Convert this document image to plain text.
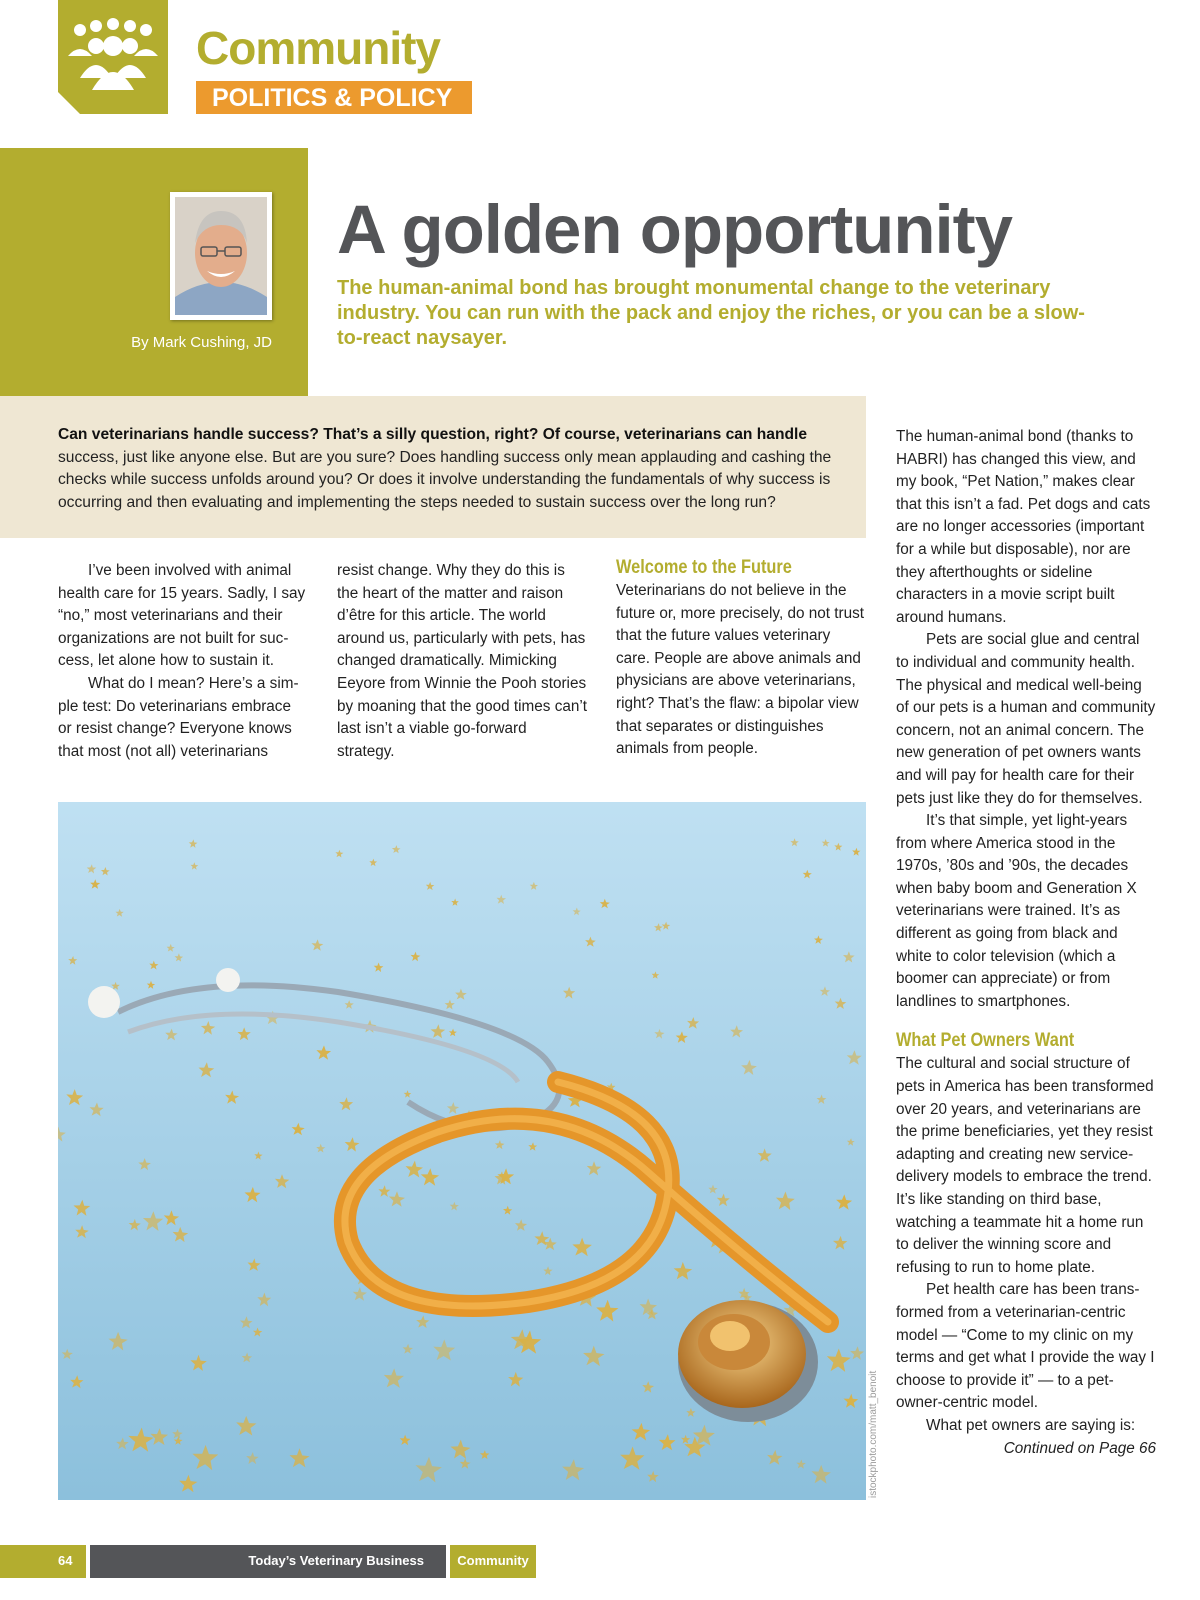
Community
POLITICS & POLICY
By Mark Cushing, JD
A golden opportunity
The human-animal bond has brought monumental change to the veterinary industry. You can run with the pack and enjoy the riches, or you can be a slow-to-react naysayer.
Can veterinarians handle success? That’s a silly question, right? Of course, veterinarians can handle success, just like anyone else. But are you sure? Does handling success only mean applauding and cashing the checks while success unfolds around you? Or does it involve understanding the fundamentals of why success is occurring and then evaluating and implementing the steps needed to sustain success over the long run?

I’ve been involved with animal health care for 15 years. Sadly, I say “no,” most veterinarians and their organizations are not built for success, let alone how to sustain it.

What do I mean? Here’s a simple test: Do veterinarians embrace or resist change? Everyone knows that most (not all) veterinarians

resist change. Why they do this is the heart of the matter and raison d’être for this article. The world around us, particularly with pets, has changed dramatically. Mimicking Eeyore from Winnie the Pooh stories by moaning that the good times can’t last isn’t a viable go-forward strategy.

Welcome to the Future

Veterinarians do not believe in the future or, more precisely, do not trust that the future values veterinary care. People are above animals and physicians are above veterinarians, right? That’s the flaw: a bipolar view that separates or distinguishes animals from people.

The human-animal bond (thanks to HABRI) has changed this view, and my book, “Pet Nation,” makes clear that this isn’t a fad. Pet dogs and cats are no longer accessories (important for a while but disposable), nor are they afterthoughts or sideline characters in a movie script built around humans.

Pets are social glue and central to individual and community health. The physical and medical well-being of our pets is a human and community concern, not an animal concern. The new generation of pet owners wants and will pay for health care for their pets just like they do for themselves.

It’s that simple, yet light-years from where America stood in the 1970s, ’80s and ’90s, the decades when baby boom and Generation X veterinarians were trained. It’s as different as going from black and white to color television (which a boomer can appreciate) or from landlines to smartphones.

What Pet Owners Want

The cultural and social structure of pets in America has been transformed over 20 years, and veterinarians are the prime beneficiaries, yet they resist adapting and creating new service-delivery models to embrace the trend. It’s like standing on third base, watching a teammate hit a home run to deliver the winning score and refusing to run to home plate.

Pet health care has been transformed from a veterinarian-centric model — “Come to my clinic on my terms and get what I provide the way I choose to provide it” — to a pet-owner-centric model.

What pet owners are saying is:

Continued on Page 66

istockphoto.com/matt_benoit
64	Today’s Veterinary Business	Community
